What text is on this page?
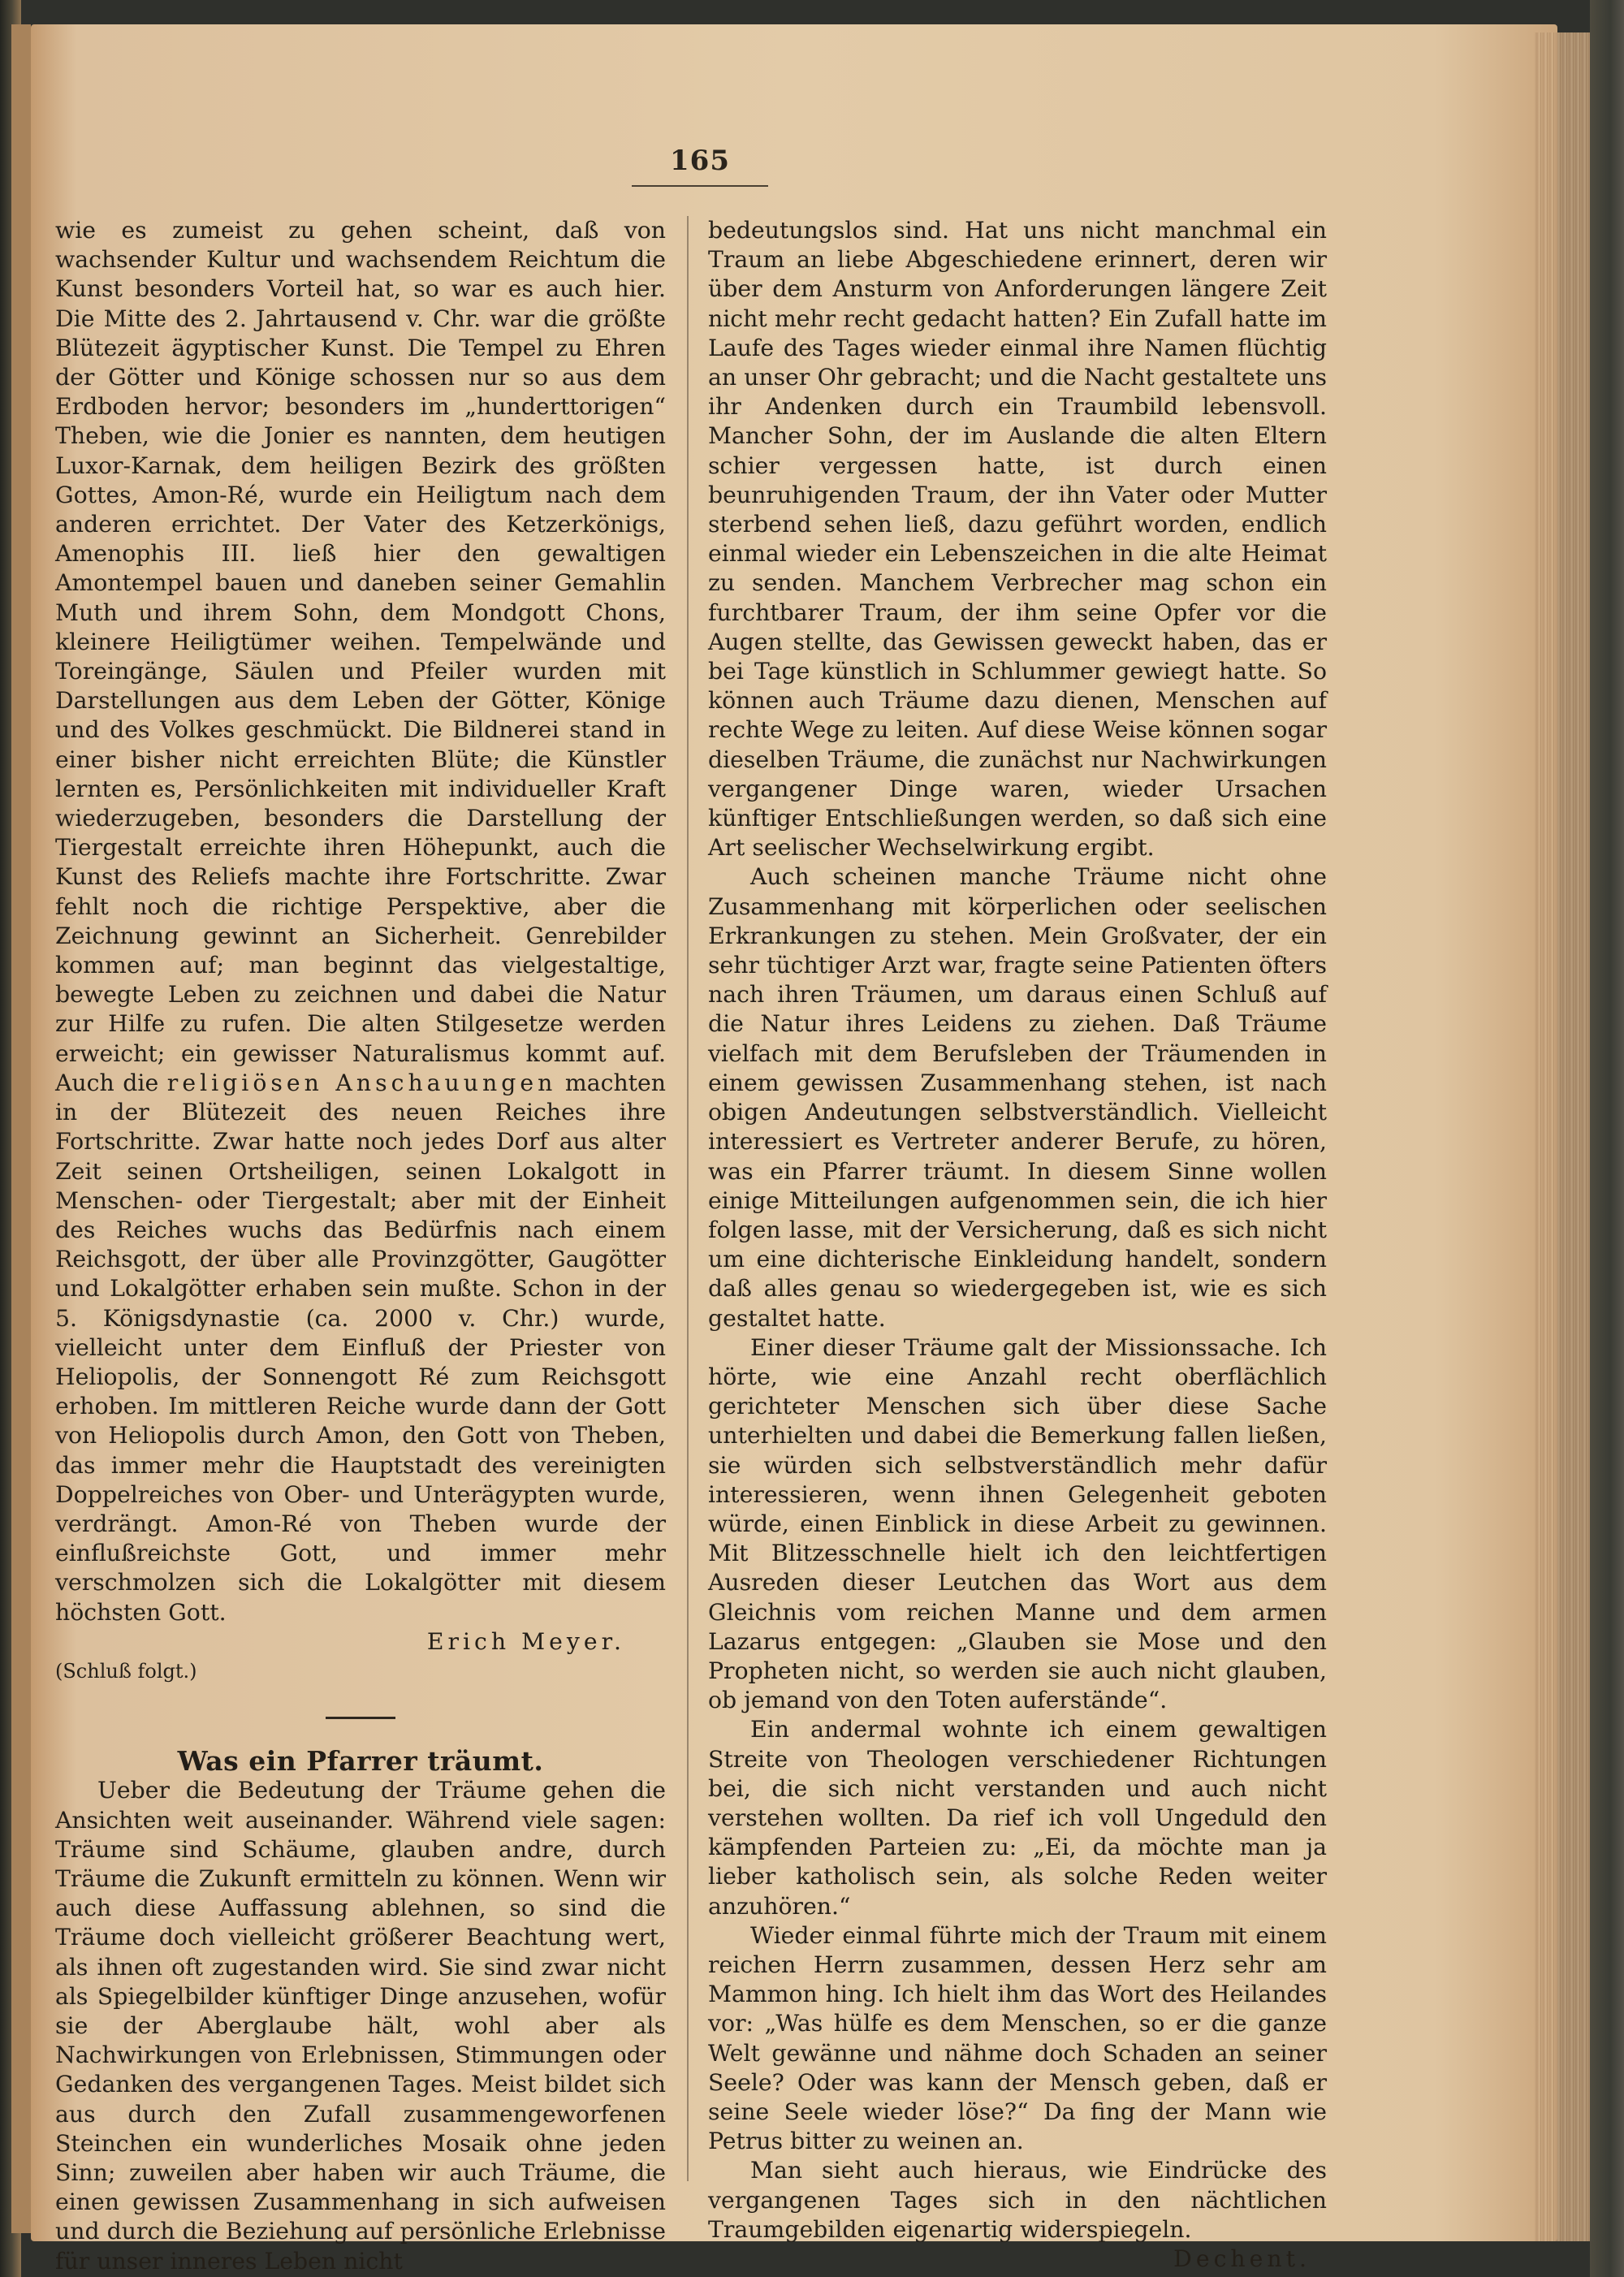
165

wie es zumeist zu gehen scheint, daß von wachsender Kultur und wachsendem Reichtum die Kunst besonders Vorteil hat, so war es auch hier. Die Mitte des 2. Jahrtausend v. Chr. war die größte Blütezeit ägyptischer Kunst. Die Tempel zu Ehren der Götter und Könige schossen nur so aus dem Erdboden hervor; besonders im „hunderttorigen“ Theben, wie die Jonier es nannten, dem heutigen Luxor-Karnak, dem heiligen Bezirk des größten Gottes, Amon-Ré, wurde ein Heiligtum nach dem anderen errichtet. Der Vater des Ketzerkönigs, Amenophis III. ließ hier den gewaltigen Amontempel bauen und daneben seiner Gemahlin Muth und ihrem Sohn, dem Mondgott Chons, kleinere Heiligtümer weihen. Tempelwände und Toreingänge, Säulen und Pfeiler wurden mit Darstellungen aus dem Leben der Götter, Könige und des Volkes geschmückt. Die Bildnerei stand in einer bisher nicht erreichten Blüte; die Künstler lernten es, Persönlichkeiten mit individueller Kraft wiederzugeben, besonders die Darstellung der Tiergestalt erreichte ihren Höhepunkt, auch die Kunst des Reliefs machte ihre Fortschritte. Zwar fehlt noch die richtige Perspektive, aber die Zeichnung gewinnt an Sicherheit. Genrebilder kommen auf; man beginnt das vielgestaltige, bewegte Leben zu zeichnen und dabei die Natur zur Hilfe zu rufen. Die alten Stilgesetze werden erweicht; ein gewisser Naturalismus kommt auf. Auch die religiösen Anschauungen machten in der Blütezeit des neuen Reiches ihre Fortschritte. Zwar hatte noch jedes Dorf aus alter Zeit seinen Ortsheiligen, seinen Lokalgott in Menschen- oder Tiergestalt; aber mit der Einheit des Reiches wuchs das Bedürfnis nach einem Reichsgott, der über alle Provinzgötter, Gaugötter und Lokalgötter erhaben sein mußte. Schon in der 5. Königsdynastie (ca. 2000 v. Chr.) wurde, vielleicht unter dem Einfluß der Priester von Heliopolis, der Sonnengott Ré zum Reichsgott erhoben. Im mittleren Reiche wurde dann der Gott von Heliopolis durch Amon, den Gott von Theben, das immer mehr die Hauptstadt des vereinigten Doppelreiches von Ober- und Unterägypten wurde, verdrängt. Amon-Ré von Theben wurde der einflußreichste Gott, und immer mehr verschmolzen sich die Lokalgötter mit diesem höchsten Gott.

Erich Meyer.

(Schluß folgt.)

Was ein Pfarrer träumt.

Ueber die Bedeutung der Träume gehen die Ansichten weit auseinander. Während viele sagen: Träume sind Schäume, glauben andre, durch Träume die Zukunft ermitteln zu können. Wenn wir auch diese Auffassung ablehnen, so sind die Träume doch vielleicht größerer Beachtung wert, als ihnen oft zugestanden wird. Sie sind zwar nicht als Spiegelbilder künftiger Dinge anzusehen, wofür sie der Aberglaube hält, wohl aber als Nachwirkungen von Erlebnissen, Stimmungen oder Gedanken des vergangenen Tages. Meist bildet sich aus durch den Zufall zusammengeworfenen Steinchen ein wunderliches Mosaik ohne jeden Sinn; zuweilen aber haben wir auch Träume, die einen gewissen Zusammenhang in sich aufweisen und durch die Beziehung auf persönliche Erlebnisse für unser inneres Leben nicht

bedeutungslos sind. Hat uns nicht manchmal ein Traum an liebe Abgeschiedene erinnert, deren wir über dem Ansturm von Anforderungen längere Zeit nicht mehr recht gedacht hatten? Ein Zufall hatte im Laufe des Tages wieder einmal ihre Namen flüchtig an unser Ohr gebracht; und die Nacht gestaltete uns ihr Andenken durch ein Traumbild lebensvoll. Mancher Sohn, der im Auslande die alten Eltern schier vergessen hatte, ist durch einen beunruhigenden Traum, der ihn Vater oder Mutter sterbend sehen ließ, dazu geführt worden, endlich einmal wieder ein Lebenszeichen in die alte Heimat zu senden. Manchem Verbrecher mag schon ein furchtbarer Traum, der ihm seine Opfer vor die Augen stellte, das Gewissen geweckt haben, das er bei Tage künstlich in Schlummer gewiegt hatte. So können auch Träume dazu dienen, Menschen auf rechte Wege zu leiten. Auf diese Weise können sogar dieselben Träume, die zunächst nur Nachwirkungen vergangener Dinge waren, wieder Ursachen künftiger Entschließungen werden, so daß sich eine Art seelischer Wechselwirkung ergibt.

Auch scheinen manche Träume nicht ohne Zusammenhang mit körperlichen oder seelischen Erkrankungen zu stehen. Mein Großvater, der ein sehr tüchtiger Arzt war, fragte seine Patienten öfters nach ihren Träumen, um daraus einen Schluß auf die Natur ihres Leidens zu ziehen. Daß Träume vielfach mit dem Berufsleben der Träumenden in einem gewissen Zusammenhang stehen, ist nach obigen Andeutungen selbstverständlich. Vielleicht interessiert es Vertreter anderer Berufe, zu hören, was ein Pfarrer träumt. In diesem Sinne wollen einige Mitteilungen aufgenommen sein, die ich hier folgen lasse, mit der Versicherung, daß es sich nicht um eine dichterische Einkleidung handelt, sondern daß alles genau so wiedergegeben ist, wie es sich gestaltet hatte.

Einer dieser Träume galt der Missionssache. Ich hörte, wie eine Anzahl recht oberflächlich gerichteter Menschen sich über diese Sache unterhielten und dabei die Bemerkung fallen ließen, sie würden sich selbstverständlich mehr dafür interessieren, wenn ihnen Gelegenheit geboten würde, einen Einblick in diese Arbeit zu gewinnen. Mit Blitzesschnelle hielt ich den leichtfertigen Ausreden dieser Leutchen das Wort aus dem Gleichnis vom reichen Manne und dem armen Lazarus entgegen: „Glauben sie Mose und den Propheten nicht, so werden sie auch nicht glauben, ob jemand von den Toten auferstände“.

Ein andermal wohnte ich einem gewaltigen Streite von Theologen verschiedener Richtungen bei, die sich nicht verstanden und auch nicht verstehen wollten. Da rief ich voll Ungeduld den kämpfenden Parteien zu: „Ei, da möchte man ja lieber katholisch sein, als solche Reden weiter anzuhören.“

Wieder einmal führte mich der Traum mit einem reichen Herrn zusammen, dessen Herz sehr am Mammon hing. Ich hielt ihm das Wort des Heilandes vor: „Was hülfe es dem Menschen, so er die ganze Welt gewänne und nähme doch Schaden an seiner Seele? Oder was kann der Mensch geben, daß er seine Seele wieder löse?“ Da fing der Mann wie Petrus bitter zu weinen an.

Man sieht auch hieraus, wie Eindrücke des vergangenen Tages sich in den nächtlichen Traumgebilden eigenartig widerspiegeln.

Dechent.
